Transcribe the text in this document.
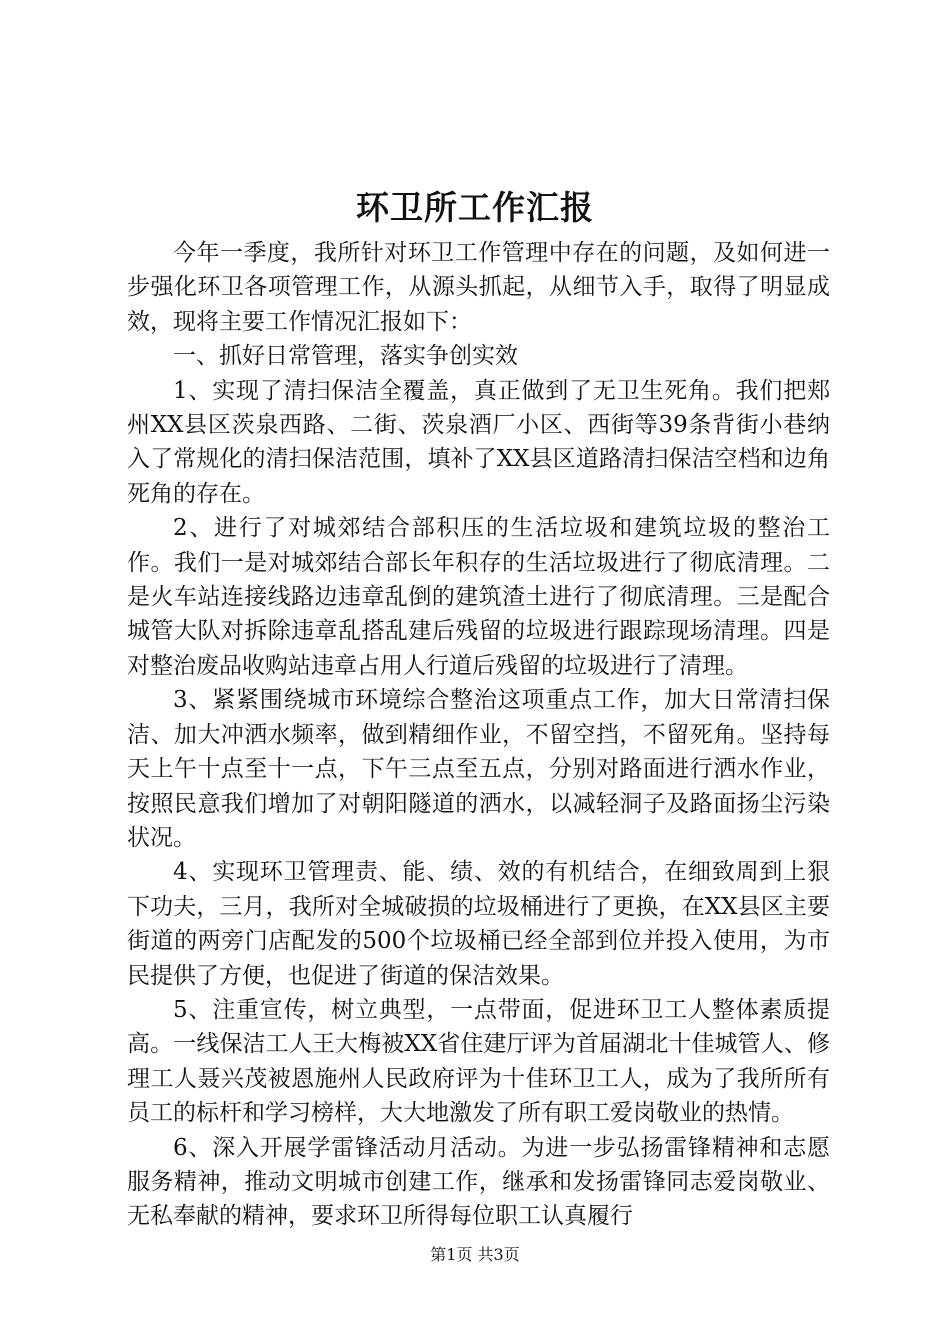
环卫所工作汇报

今年一季度，我所针对环卫工作管理中存在的问题，及如何进一步强化环卫各项管理工作，从源头抓起，从细节入手，取得了明显成效，现将主要工作情况汇报如下：

一、抓好日常管理，落实争创实效

1、实现了清扫保洁全覆盖，真正做到了无卫生死角。我们把郏州XX县区茨泉西路、二街、茨泉酒厂小区、西街等39条背街小巷纳入了常规化的清扫保洁范围，填补了XX县区道路清扫保洁空档和边角死角的存在。

2、进行了对城郊结合部积压的生活垃圾和建筑垃圾的整治工作。我们一是对城郊结合部长年积存的生活垃圾进行了彻底清理。二是火车站连接线路边违章乱倒的建筑渣土进行了彻底清理。三是配合城管大队对拆除违章乱搭乱建后残留的垃圾进行跟踪现场清理。四是对整治废品收购站违章占用人行道后残留的垃圾进行了清理。

3、紧紧围绕城市环境综合整治这项重点工作，加大日常清扫保洁、加大冲洒水频率，做到精细作业，不留空挡，不留死角。坚持每天上午十点至十一点，下午三点至五点，分别对路面进行洒水作业，按照民意我们增加了对朝阳隧道的洒水，以减轻洞子及路面扬尘污染状况。

4、实现环卫管理责、能、绩、效的有机结合，在细致周到上狠下功夫，三月，我所对全城破损的垃圾桶进行了更换，在XX县区主要街道的两旁门店配发的500个垃圾桶已经全部到位并投入使用，为市民提供了方便，也促进了街道的保洁效果。

5、注重宣传，树立典型，一点带面，促进环卫工人整体素质提高。一线保洁工人王大梅被XX省住建厅评为首届湖北十佳城管人、修理工人聂兴茂被恩施州人民政府评为十佳环卫工人，成为了我所所有员工的标杆和学习榜样，大大地激发了所有职工爱岗敬业的热情。

6、深入开展学雷锋活动月活动。为进一步弘扬雷锋精神和志愿服务精神，推动文明城市创建工作，继承和发扬雷锋同志爱岗敬业、无私奉献的精神，要求环卫所得每位职工认真履行

第1页 共3页
